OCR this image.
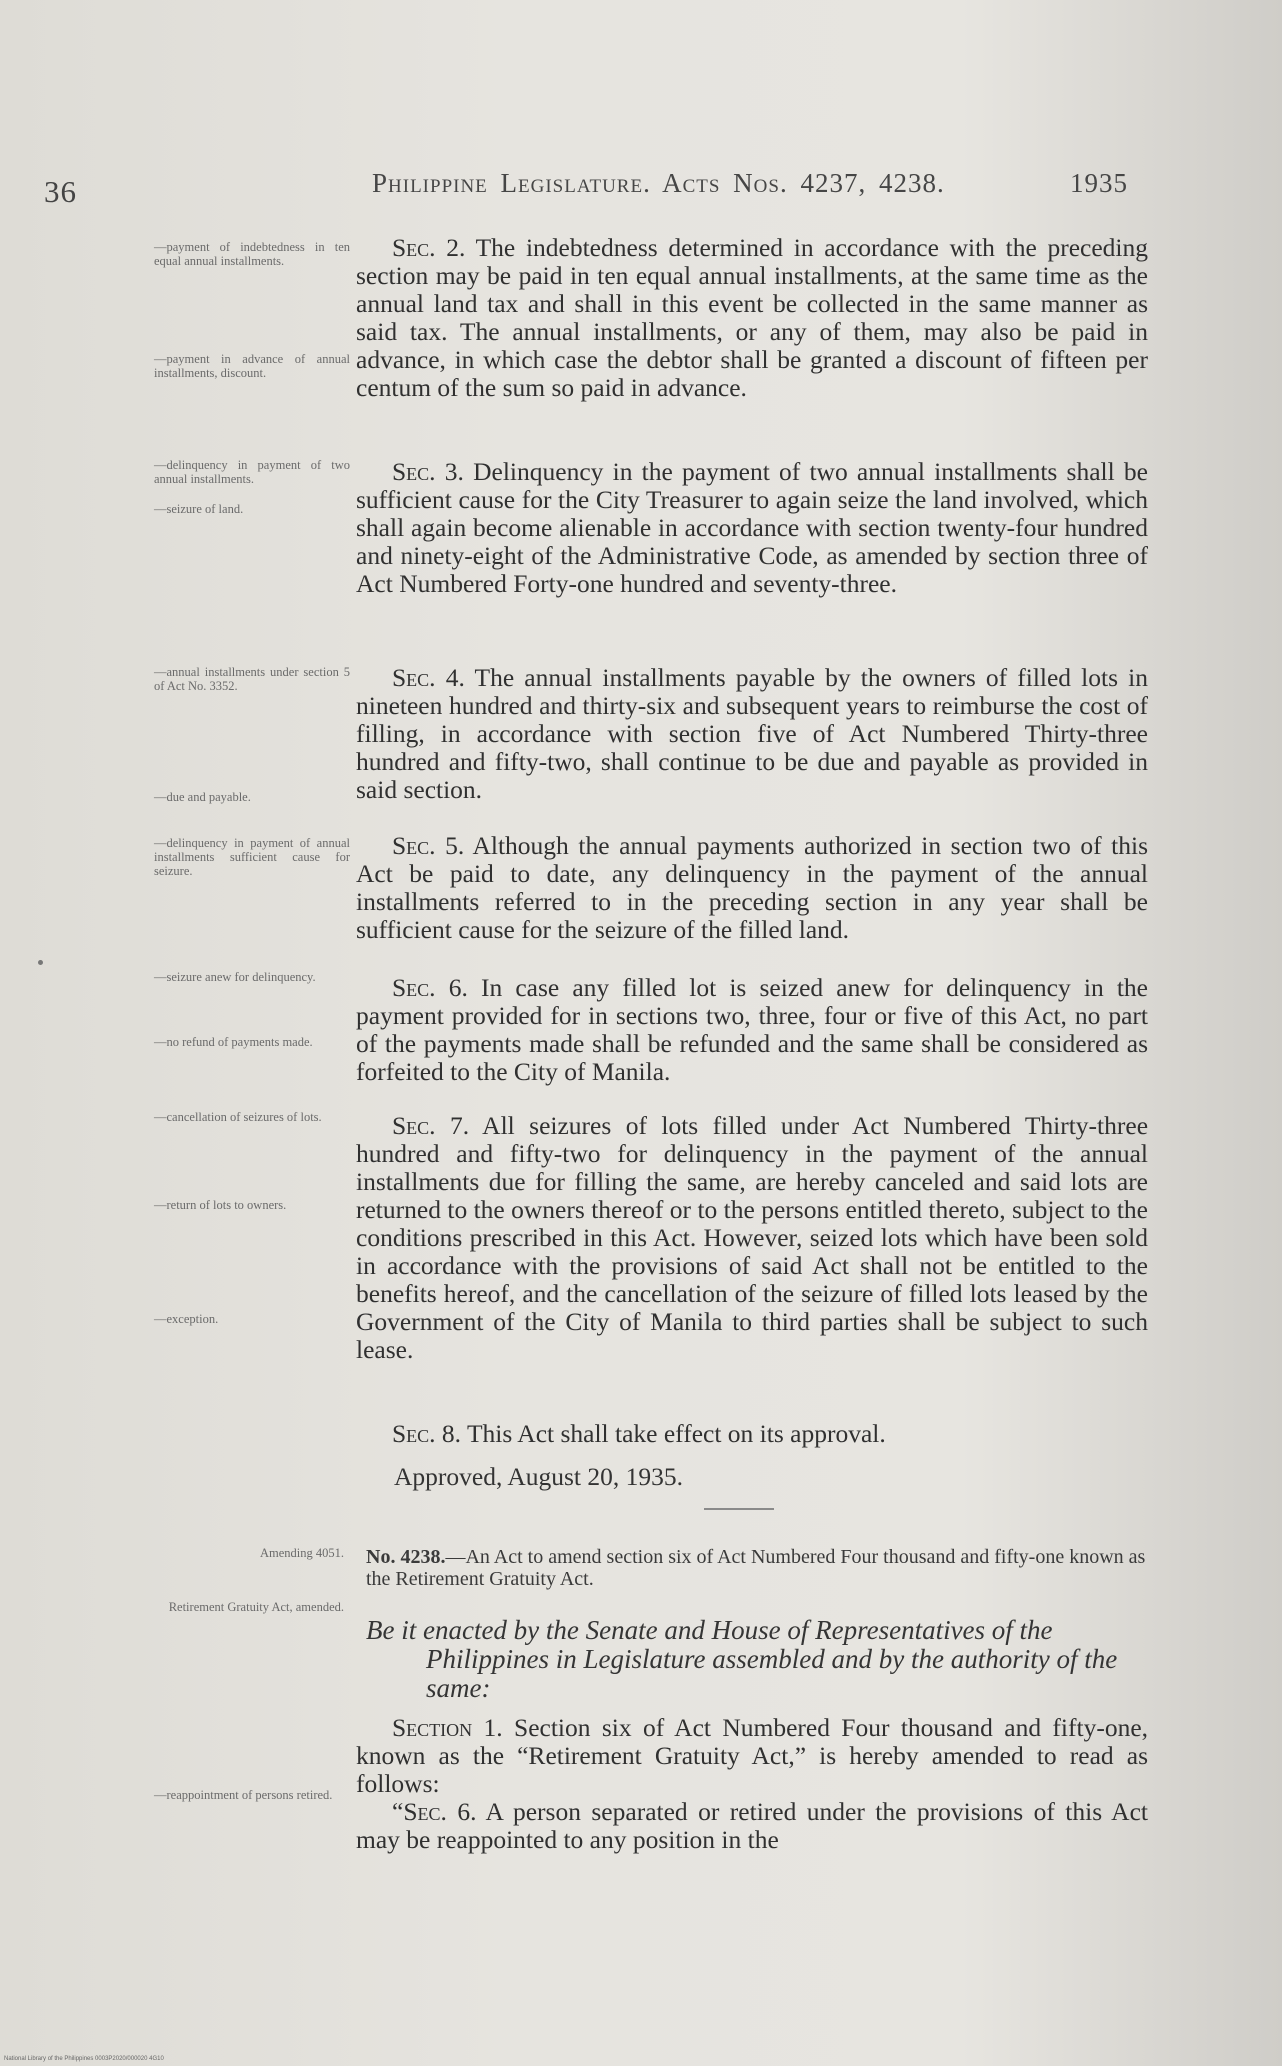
36	Philippine Legislature. Acts Nos. 4237, 4238.	1935
—payment of indebtedness in ten equal annual installments.
—payment in advance of annual installments, discount.
—delinquency in payment of two annual installments.
—seizure of land.
—annual installments under section 5 of Act No. 3352.
—due and payable.
—delinquency in payment of annual installments sufficient cause for seizure.
—seizure anew for delinquency.
—no refund of payments made.
—cancellation of seizures of lots.
—return of lots to owners.
—exception.
Amending 4051.
Retirement Gratuity Act, amended.
—reappointment of persons retired.

Sec. 2. The indebtedness determined in accordance with the preceding section may be paid in ten equal annual installments, at the same time as the annual land tax and shall in this event be collected in the same manner as said tax. The annual installments, or any of them, may also be paid in advance, in which case the debtor shall be granted a discount of fifteen per centum of the sum so paid in advance.

Sec. 3. Delinquency in the payment of two annual installments shall be sufficient cause for the City Treasurer to again seize the land involved, which shall again become alienable in accordance with section twenty-four hundred and ninety-eight of the Administrative Code, as amended by section three of Act Numbered Forty-one hundred and seventy-three.

Sec. 4. The annual installments payable by the owners of filled lots in nineteen hundred and thirty-six and subsequent years to reimburse the cost of filling, in accordance with section five of Act Numbered Thirty-three hundred and fifty-two, shall continue to be due and payable as provided in said section.

Sec. 5. Although the annual payments authorized in section two of this Act be paid to date, any delinquency in the payment of the annual installments referred to in the preceding section in any year shall be sufficient cause for the seizure of the filled land.

Sec. 6. In case any filled lot is seized anew for delinquency in the payment provided for in sections two, three, four or five of this Act, no part of the payments made shall be refunded and the same shall be considered as forfeited to the City of Manila.

Sec. 7. All seizures of lots filled under Act Numbered Thirty-three hundred and fifty-two for delinquency in the payment of the annual installments due for filling the same, are hereby canceled and said lots are returned to the owners thereof or to the persons entitled thereto, subject to the conditions prescribed in this Act. However, seized lots which have been sold in accordance with the provisions of said Act shall not be entitled to the benefits hereof, and the cancellation of the seizure of filled lots leased by the Government of the City of Manila to third parties shall be subject to such lease.

Sec. 8. This Act shall take effect on its approval.

Approved, August 20, 1935.
No. 4238.—An Act to amend section six of Act Numbered Four thousand and fifty-one known as the Retirement Gratuity Act.
Be it enacted by the Senate and House of Representatives of the Philippines in Legislature assembled and by the authority of the same:

Section 1. Section six of Act Numbered Four thousand and fifty-one, known as the “Retirement Gratuity Act,” is hereby amended to read as follows:

“Sec. 6. A person separated or retired under the provisions of this Act may be reappointed to any position in the

National Library of the Philippines 0003P2020/000020 4G10
